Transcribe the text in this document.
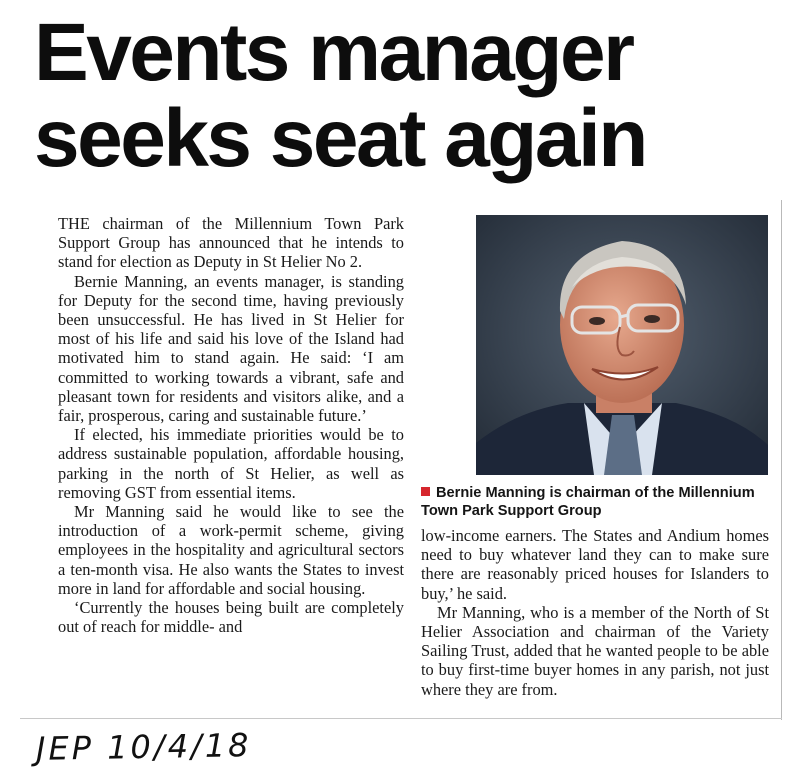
Events manager
seeks seat again

THE chairman of the Millennium Town Park Support Group has announced that he intends to stand for election as Deputy in St Helier No 2.

Bernie Manning, an events manager, is standing for Deputy for the second time, having previously been unsuccessful. He has lived in St Helier for most of his life and said his love of the Island had motivated him to stand again. He said: ‘I am committed to working towards a vibrant, safe and pleasant town for residents and visitors alike, and a fair, prosperous, caring and sustainable future.’

If elected, his immediate priorities would be to address sustainable population, affordable housing, parking in the north of St Helier, as well as removing GST from essential items.

Mr Manning said he would like to see the introduction of a work-permit scheme, giving employees in the hospitality and agricultural sectors a ten-month visa. He also wants the States to invest more in land for affordable and social housing.

‘Currently the houses being built are completely out of reach for middle- and

Bernie Manning is chairman of the Millennium Town Park Support Group

low-income earners. The States and Andium homes need to buy whatever land they can to make sure there are reasonably priced houses for Islanders to buy,’ he said.

Mr Manning, who is a member of the North of St Helier Association and chairman of the Variety Sailing Trust, added that he wanted people to be able to buy first-time buyer homes in any parish, not just where they are from.

JEP 10/4/18
